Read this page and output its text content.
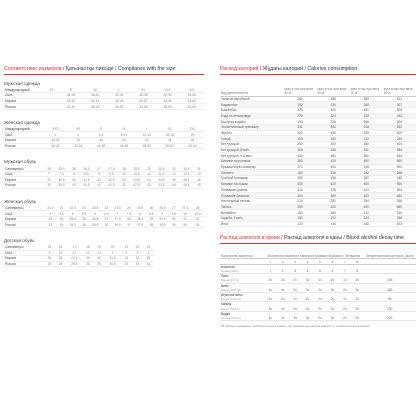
Соответствие размеров / Қатынастқы пиксіде / Compliance with the size
Мужская одежда
Международный	XS	S	M	L	XL	2XL	3XL
США		34-36	38-40	42-44	46-48	50-52	54-56
Европа		38-40	42-44	46-48	50-52	54-56	58-60
Россия		42-44	46-48	50-52	54-56	58-60	62-64
Женская одежда
Международный	XXS	XS	S	M	L	XL	2XL
США	0	2	4-6	8-10	12-14	16-18	20
Европа	32-34	36	38	40	42	44	46
Россия	40-42	42-44	44-46	46-48	48-50	50-52	52-54
Мужская обувь
Сантиметры	25	25.5	26	26.5	27	27.5	28	28.5	29	29.5	30	30.5	31
США	7	7.5	8	8.5	9	9.5	10	10.5	11	11.5	12	12.5	13
Европа	40	40.5	41	41.5	42	42.5	43	43.5	44	44.5	45	45.5	46
Россия	39	39.5	40	40.5	41	41.5	42	42.5	43	43.5	44	44.5	45
Женская обувь
Сантиметры	21.5	22	22.5	23	23.5	24	24.5	25	25.5	26	26.5	27	27.5	28
США	4	4.5	5	5.5	6	6.5	7	7.5	8	8.5	9	9.5	10	10.5
Европа	34	35	35.5	36	36.5	37	37.5	38	38.5	39	39.5	40	41	42
Россия	33	34	34.5	35	35.5	36	36.5	37	37.5	38	38.5	39	40	41
Детская обувь
Сантиметры	15	16	17	18	19	20	21	22	23
США	9	10	11	12	13	1	2	3	4
Европа	25	26	27.5	29	30	31.5	33	34	35
Россия	24	25	26.5	28	29	30.5	32	33	34
Расход калорий / Жұдағы калорий / Calories consumption
Вид деятельности	ккал в час при весе 50 кг	ккал в час при весе 60 кг	ккал в час при весе 70 кг	ккал в час при весе 80 кг
Занятия аэробикой	260	288	354	512
Бадминтон	192	230	268	307
Баскетбол	375	400	450	500
Езда на велосипеде	270	324	378	432
Быстрая ходьба	190	228	266	304
Эллиптический тренажер	331	444	518	592
Футбол	320	450	525	600
Гольф	150	180	210	240
Бег трусцой	250	300	350	400
Бег трусцой, 8 км/ч	365	438	511	584
Бег трусцой, 9.6 км/ч	400	480	560	640
Катание на роликах	350	420	490	560
Прыжки через скакалку	372	444	518	592
Пилатес	180	216	252	288
Гребной тренажер	280	336	392	448
Катание на лыжах	350	420	490	560
Плавание кролем	315	378	441	504
Плавание брассом	300	360	420	480
Настольный теннис	210	252	294	336
Теннис	350	420	490	560
Волейбол	150	180	210	240
Ходьба, 5 км/ч	160	192	224	256
Йога	120	144	168	192
Распад алкоголя в крови / Распад алкоголя в қаны / Blood alcohol decay time
Количество выпитого	Количество выпитого напитка в граммах Мужчины / Женщины								Энергетическая ценность (ккал)
	1	2	3	4	5	6	7	8	
Алкоголь									
Норма (100 г)	1	2	3	4	5	6	7	8	
Пиво									
Банка (0.5 л)	2ч	3ч	2ч	3ч	1ч	2ч	1ч	2ч	245
Вино									
Бокал (200 мл)	3ч	4ч	2ч	3ч	2ч	3ч	2ч	2ч	160
Игристое вино									
Бокал (120 мл)	2ч	2ч	1ч	2ч	1ч	2ч	1ч	1ч	96
Коньяк									
Бокал (50 мл)	3ч	4ч	2ч	3ч	2ч	3ч	2ч	2ч	130
Водка									
Стопка (50 мл)	3ч	4ч	3ч	3ч	2ч	3ч	2ч	2ч	120
* В таблице приведены приблизительные данные, актуальные результаты зависят от особенностей организма
